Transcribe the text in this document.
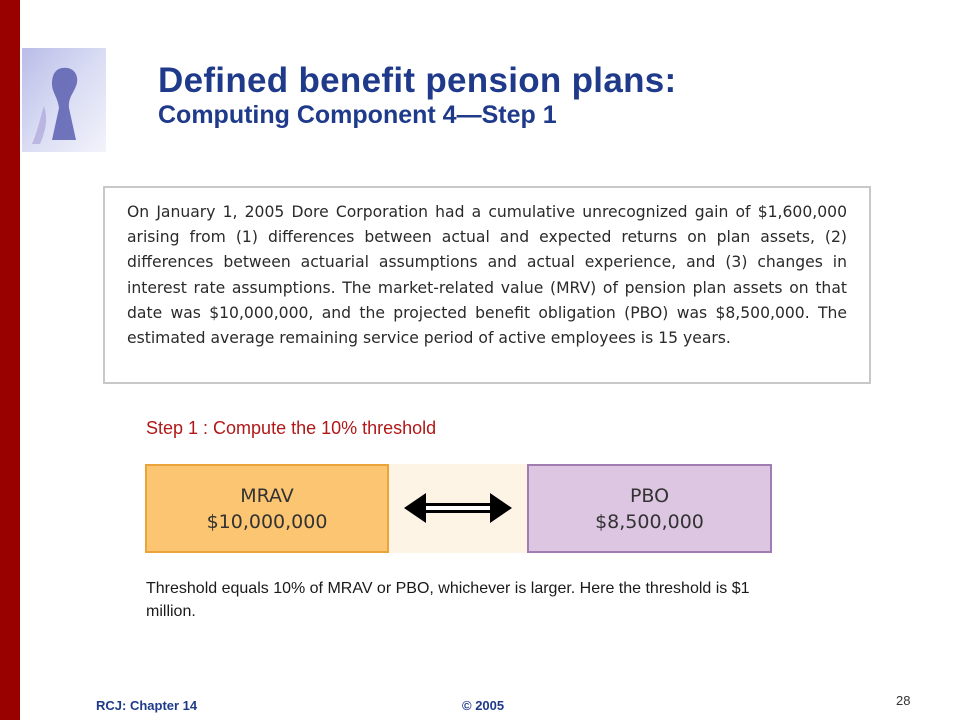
Defined benefit pension plans:
Computing Component 4—Step 1

On January 1, 2005 Dore Corporation had a cumulative unrecognized gain of $1,600,000 arising from (1) differences between actual and expected returns on plan assets, (2) differences between actuarial assumptions and actual experience, and (3) changes in interest rate assumptions. The market-related value (MRV) of pension plan assets on that date was $10,000,000, and the projected benefit obligation (PBO) was $8,500,000. The estimated average remaining service period of active employees is 15 years.

Step 1 : Compute the 10% threshold
MRAV
$10,000,000
PBO
$8,500,000
Threshold equals 10% of MRAV or PBO, whichever is larger. Here the threshold is $1 million.
RCJ: Chapter 14	© 2005	28
